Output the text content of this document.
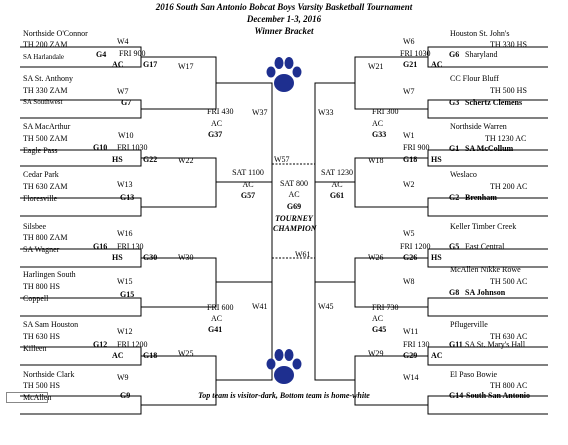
2016 South San Antonio Bobcat Boys Varsity Basketball Tournament
December 1-3, 2016
Winner Bracket
Northside O'Connor
W4
TH 200 ZAM
SA Harlandale	G4 FRI 900
AC G17	W17
SA St. Anthony
TH 330 ZAM	W7
SA Southwest	G7
SA MacArthur
TH 500 ZAM	W10
Eagle Pass	G10 FRI 1030
HS	G22	W22
FRI 430
AC
G37
W37
Cedar Park
TH 630 ZAM	W13
Floresville	G13
Silsbee
TH 800 ZAM	W16
SA Wagner	G16 FRI 130
HS	G30	W30
Harlingen South
TH 800 HS
W15
Coppell	G15
SA Sam Houston
TH 630 HS
W12
Killeen	G12 FRI 1200
AC G18	W25
FRI 600
AC
G41
W41
Northside Clark
TH 500 HS
W9
McAllen	G9
SAT 1100
AC
G57
W57
SAT 800
AC
G69
TOURNEY
CHAMPION
W61
SAT 1230
AC
G61
W6
Houston St. John's
TH 330 HS
FRI 1030 G6 Sharyland
G21 AC
W21
CC Flour Bluff
W7	TH 500 HS
G3 Schertz Clemens
FRI 300
AC
G33
W33
Northside Warren
W1	TH 1230 AC
FRI 900 G1 SA McCollum
G18 HS
W18
Weslaco
W2	TH 200 AC
G2 Brenham
Keller Timber Creek
W5
FRI 1200 G5 East Central
G26 HS
W26
McAllen Nikke Rowe
W8	TH 500 AC
G8 SA Johnson
FRI 730
AC
G45
W45
Pflugerville
W11
TH 630 AC
FRI 130 G11 SA St. Mary's Hall
G29 AC
W29
El Paso Bowie
W14
TH 800 AC
G14 South San Antonio
Top team is visitor-dark, Bottom team is home-white
